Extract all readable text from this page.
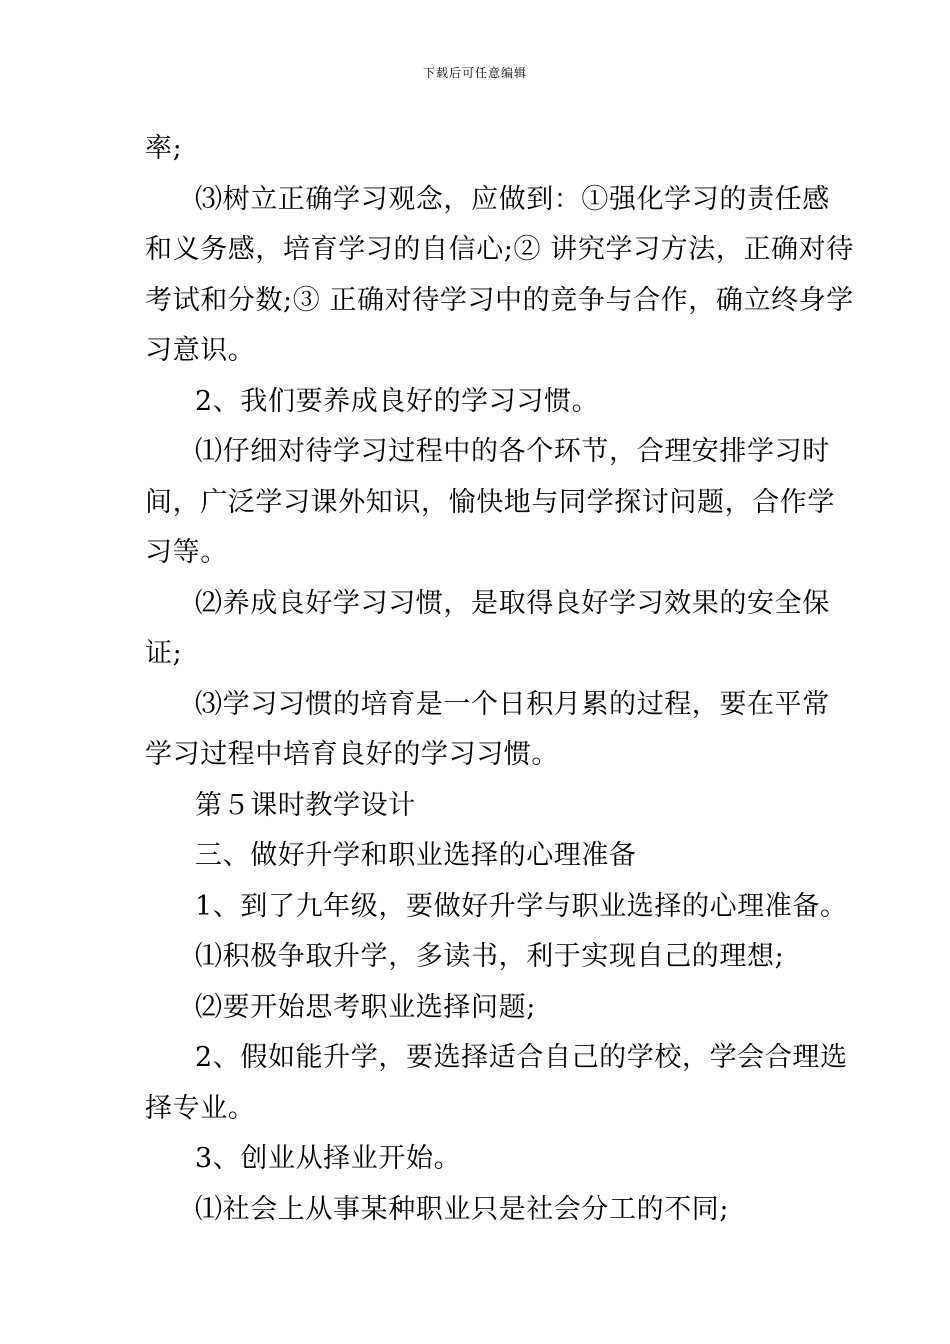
下载后可任意编辑

率;

⑶树立正确学习观念，应做到：①强化学习的责任感

和义务感，培育学习的自信心;② 讲究学习方法，正确对待

考试和分数;③ 正确对待学习中的竞争与合作，确立终身学

习意识。

2、我们要养成良好的学习习惯。

⑴仔细对待学习过程中的各个环节，合理安排学习时

间，广泛学习课外知识，愉快地与同学探讨问题，合作学

习等。

⑵养成良好学习习惯，是取得良好学习效果的安全保

证;

⑶学习习惯的培育是一个日积月累的过程，要在平常

学习过程中培育良好的学习习惯。

第５课时教学设计

三、做好升学和职业选择的心理准备

1、到了九年级，要做好升学与职业选择的心理准备。

⑴积极争取升学，多读书，利于实现自己的理想;

⑵要开始思考职业选择问题;

2、假如能升学，要选择适合自己的学校，学会合理选

择专业。

3、创业从择业开始。

⑴社会上从事某种职业只是社会分工的不同;
